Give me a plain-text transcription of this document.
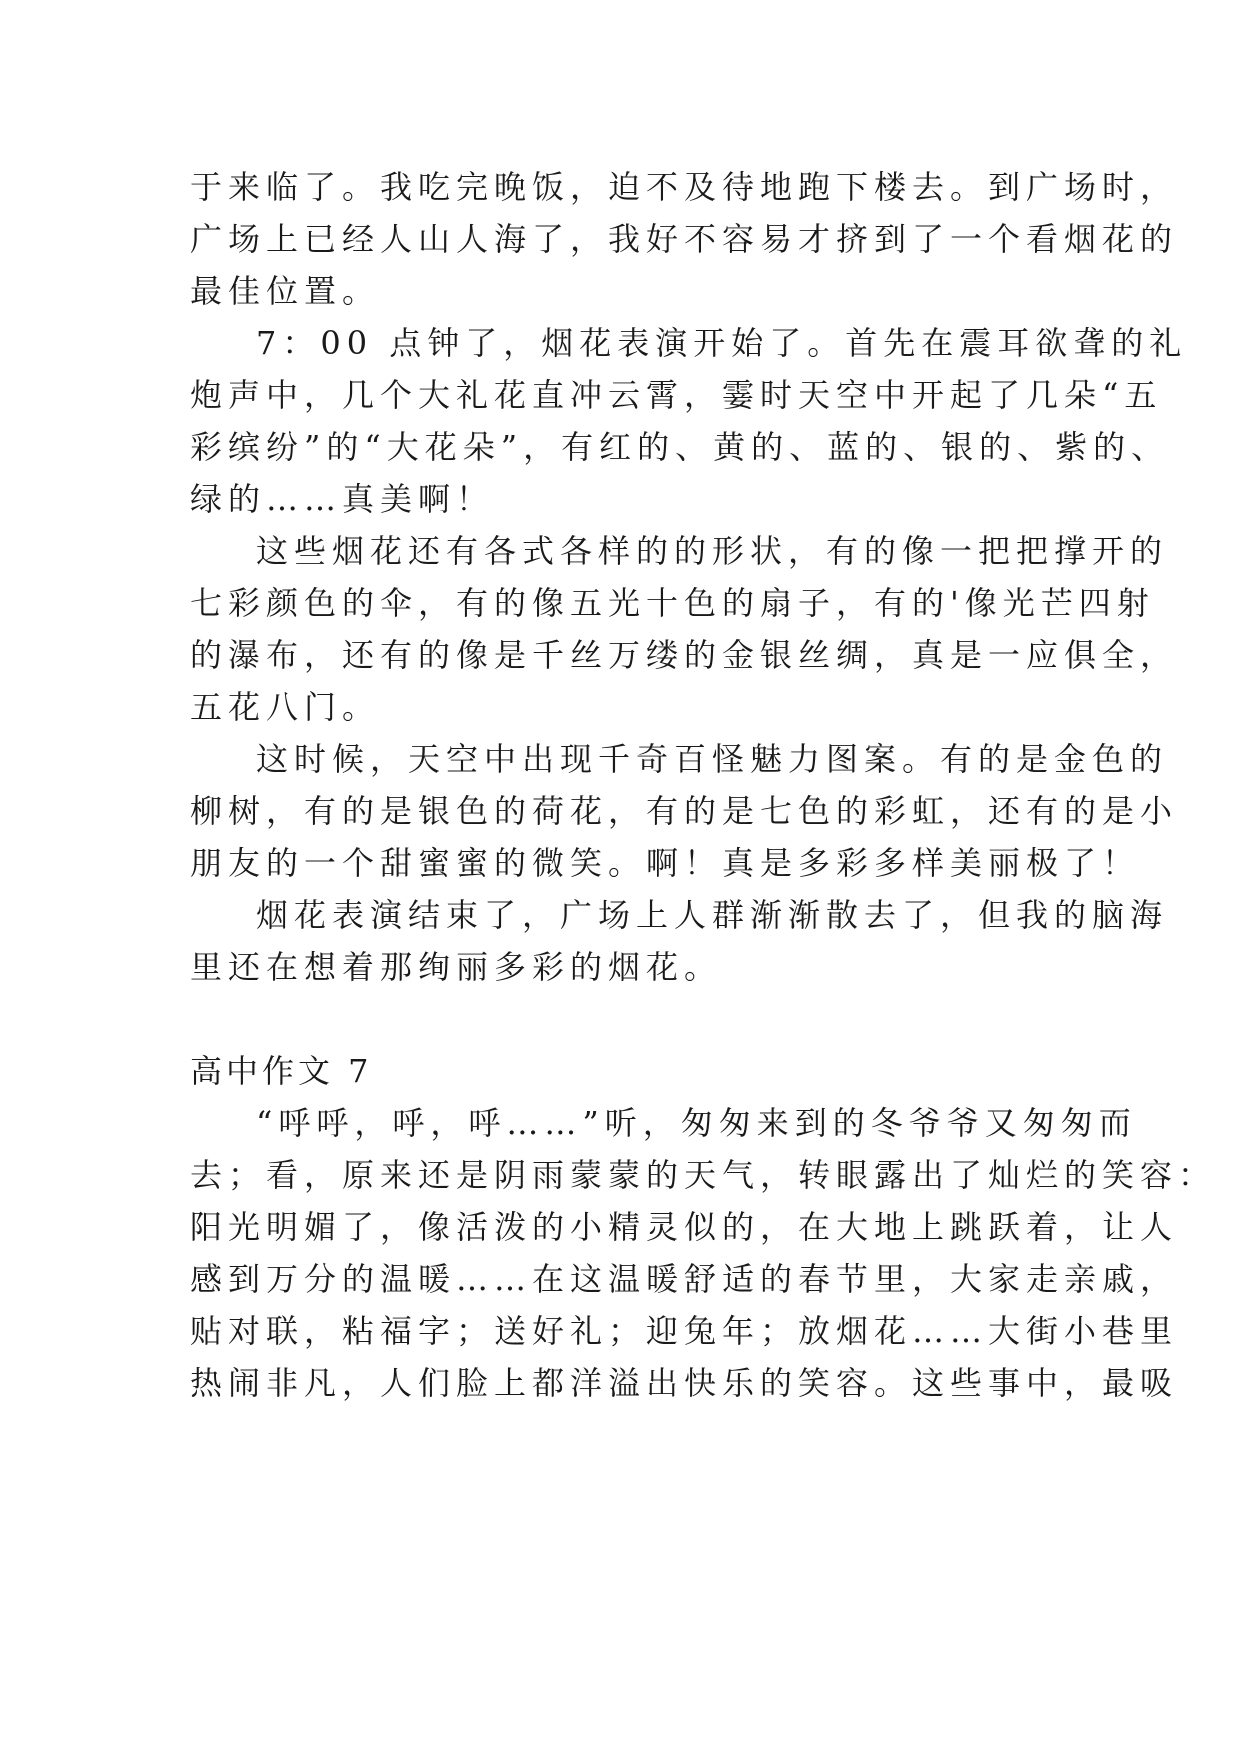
于来临了。我吃完晚饭，迫不及待地跑下楼去。到广场时，
广场上已经人山人海了，我好不容易才挤到了一个看烟花的
最佳位置。
7：00 点钟了，烟花表演开始了。首先在震耳欲聋的礼
炮声中，几个大礼花直冲云霄，霎时天空中开起了几朵“五
彩缤纷”的“大花朵”，有红的、黄的、蓝的、银的、紫的、
绿的……真美啊！
这些烟花还有各式各样的的形状，有的像一把把撑开的
七彩颜色的伞，有的像五光十色的扇子，有的'像光芒四射
的瀑布，还有的像是千丝万缕的金银丝绸，真是一应俱全，
五花八门。
这时候，天空中出现千奇百怪魅力图案。有的是金色的
柳树，有的是银色的荷花，有的是七色的彩虹，还有的是小
朋友的一个甜蜜蜜的微笑。啊！真是多彩多样美丽极了！
烟花表演结束了，广场上人群渐渐散去了，但我的脑海
里还在想着那绚丽多彩的烟花。
高中作文 7
“呼呼，呼，呼……”听，匆匆来到的冬爷爷又匆匆而
去；看，原来还是阴雨蒙蒙的天气，转眼露出了灿烂的笑容：
阳光明媚了，像活泼的小精灵似的，在大地上跳跃着，让人
感到万分的温暖……在这温暖舒适的春节里，大家走亲戚，
贴对联，粘福字；送好礼；迎兔年；放烟花……大街小巷里
热闹非凡，人们脸上都洋溢出快乐的笑容。这些事中，最吸
